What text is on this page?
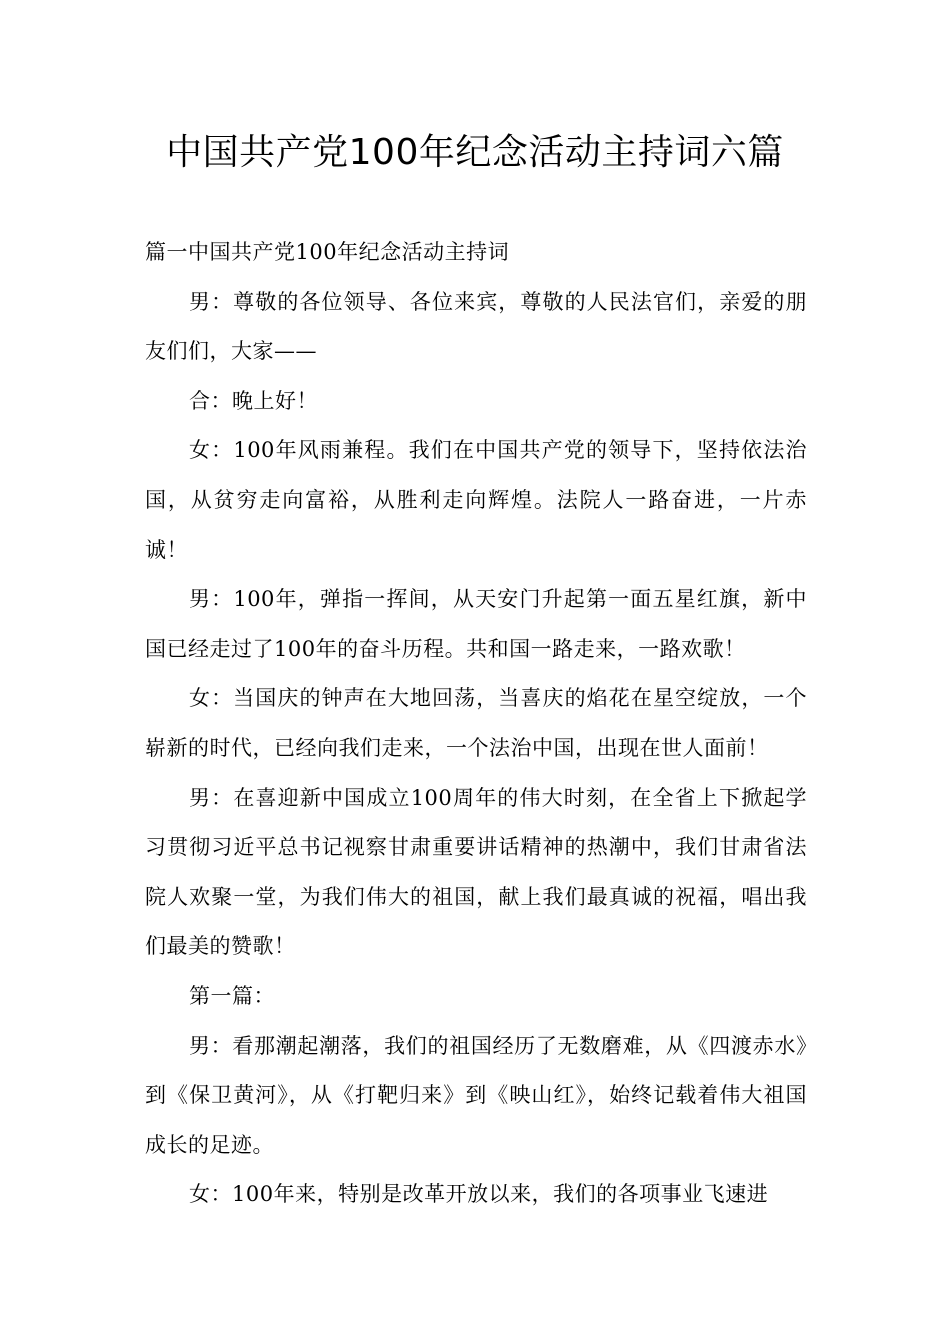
中国共产党100年纪念活动主持词六篇

篇一中国共产党100年纪念活动主持词

男：尊敬的各位领导、各位来宾，尊敬的人民法官们，亲爱的朋友们们，大家——

合：晚上好！

女：100年风雨兼程。我们在中国共产党的领导下，坚持依法治国，从贫穷走向富裕，从胜利走向辉煌。法院人一路奋进，一片赤诚！

男：100年，弹指一挥间，从天安门升起第一面五星红旗，新中国已经走过了100年的奋斗历程。共和国一路走来，一路欢歌！

女：当国庆的钟声在大地回荡，当喜庆的焰花在星空绽放，一个崭新的时代，已经向我们走来，一个法治中国，出现在世人面前！

男：在喜迎新中国成立100周年的伟大时刻，在全省上下掀起学习贯彻习近平总书记视察甘肃重要讲话精神的热潮中，我们甘肃省法院人欢聚一堂，为我们伟大的祖国，献上我们最真诚的祝福，唱出我们最美的赞歌！

第一篇：

男：看那潮起潮落，我们的祖国经历了无数磨难，从《四渡赤水》到《保卫黄河》，从《打靶归来》到《映山红》，始终记载着伟大祖国成长的足迹。

女：100年来，特别是改革开放以来，我们的各项事业飞速进
